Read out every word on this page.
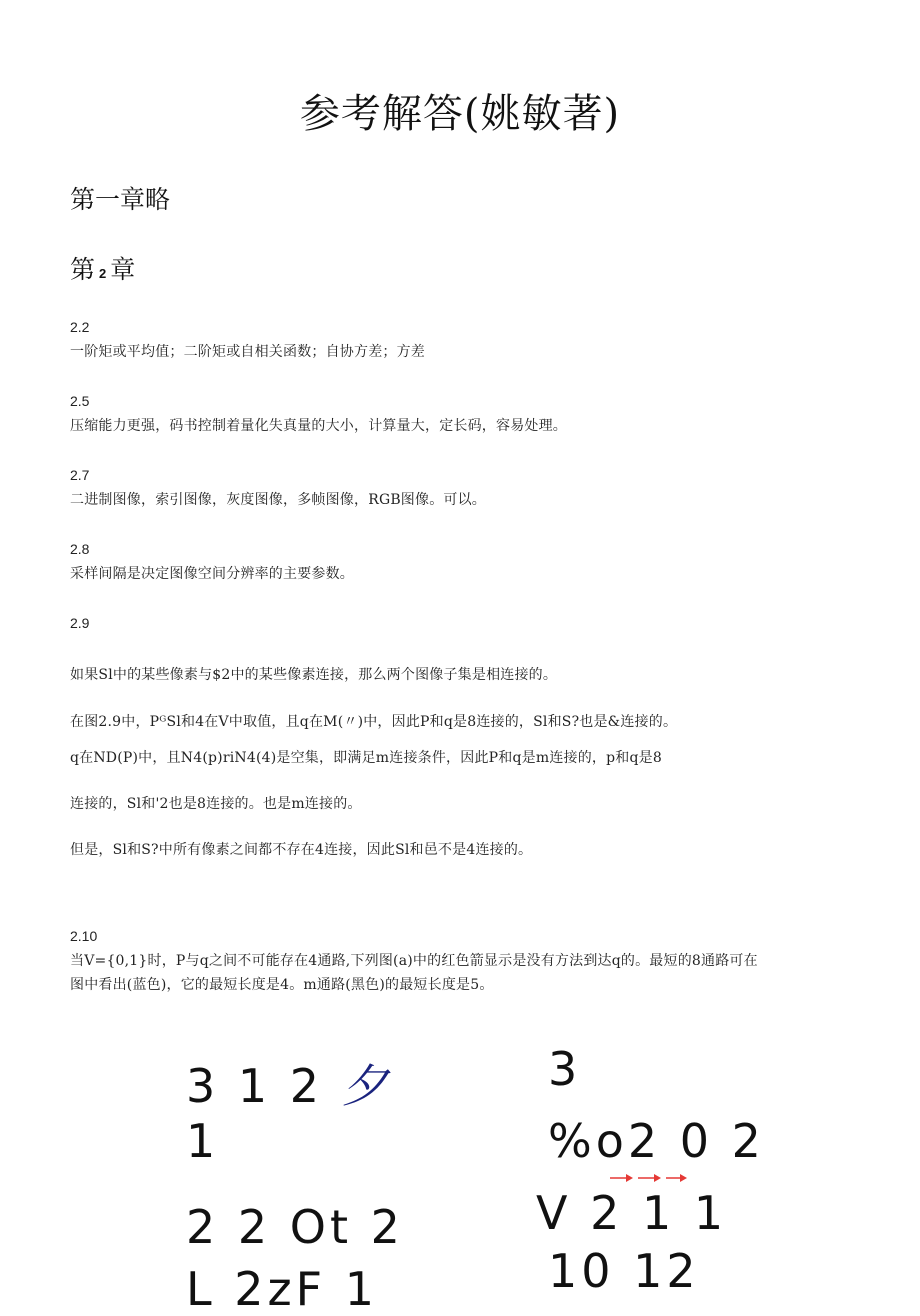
参考解答(姚敏著)
第一章略
第 2 章
2.2
一阶矩或平均值；二阶矩或自相关函数；自协方差；方差
2.5
压缩能力更强，码书控制着量化失真量的大小，计算量大，定长码，容易处理。
2.7
二进制图像，索引图像，灰度图像，多帧图像，RGB图像。可以。
2.8
采样间隔是决定图像空间分辨率的主要参数。
2.9
如果Sl中的某些像素与$2中的某些像素连接，那么两个图像子集是相连接的。
在图2.9中，PᴳSl和4在V中取值，且q在M(〃)中，因此P和q是8连接的，Sl和S?也是&连接的。
q在ND(P)中，且N4(p)riN4(4)是空集，即满足m连接条件，因此P和q是m连接的，p和q是8
连接的，Sl和'2也是8连接的。也是m连接的。
但是，Sl和S?中所有像素之间都不存在4连接，因此Sl和邑不是4连接的。
2.10
当V={0,1}时，P与q之间不可能存在4通路,下列图(a)中的红色箭显示是没有方法到达q的。最短的8通路可在
图中看出(蓝色)，它的最短长度是4。m通路(黑色)的最短长度是5。
3 1 2 夕
1
2 2 Ot 2
L 2zF 1
3
%o2 0 2
V 2 1 1
10 12
